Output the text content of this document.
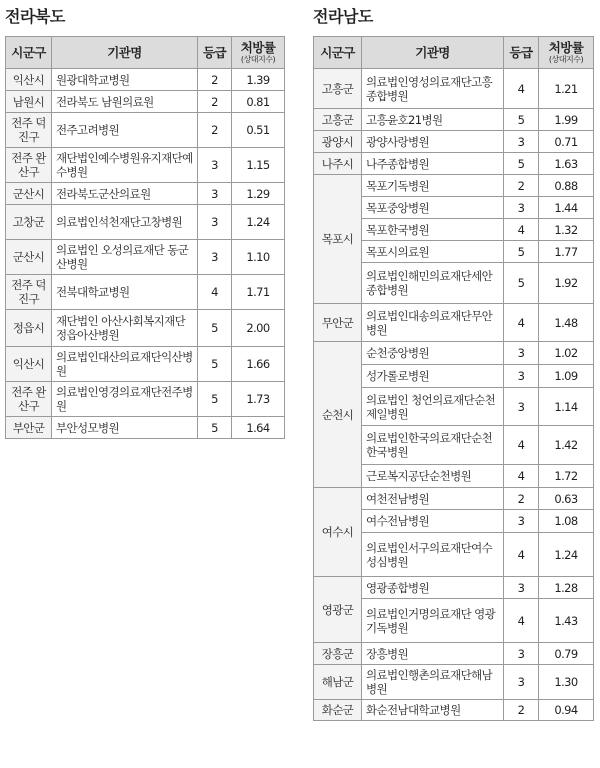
전라북도
시군구	기관명	등급	처방률
(상대지수)

익산시	원광대학교병원	2	1.39
남원시	전라북도 남원의료원	2	0.81
전주 덕진구	전주고려병원	2	0.51
전주 완산구	재단법인예수병원유지재단예수병원	3	1.15
군산시	전라북도군산의료원	3	1.29
고창군	의료법인석천재단고창병원	3	1.24
군산시	의료법인 오성의료재단 동군산병원	3	1.10
전주 덕진구	전북대학교병원	4	1.71
정읍시	재단법인 아산사회복지재단 정읍아산병원	5	2.00
익산시	의료법인대산의료재단익산병원	5	1.66
전주 완산구	의료법인영경의료재단전주병원	5	1.73
부안군	부안성모병원	5	1.64
전라남도
시군구	기관명	등급	처방률
(상대지수)

고흥군	의료법인영성의료재단고흥종합병원	4	1.21
고흥군	고흥윤호21병원	5	1.99
광양시	광양사랑병원	3	0.71
나주시	나주종합병원	5	1.63
목포시	목포기독병원	2	0.88
	목포중앙병원	3	1.44
	목포한국병원	4	1.32
	목포시의료원	5	1.77
	의료법인해민의료재단세안종합병원	5	1.92
무안군	의료법인대송의료재단무안병원	4	1.48
순천시	순천중앙병원	3	1.02
	성가롤로병원	3	1.09
	의료법인 청언의료재단순천제일병원	3	1.14
	의료법인한국의료재단순천한국병원	4	1.42
	근로복지공단순천병원	4	1.72
여수시	여천전남병원	2	0.63
	여수전남병원	3	1.08
	의료법인서구의료재단여수성심병원	4	1.24
영광군	영광종합병원	3	1.28
	의료법인거명의료재단 영광기독병원	4	1.43
장흥군	장흥병원	3	0.79
해남군	의료법인행촌의료재단해남병원	3	1.30
화순군	화순전남대학교병원	2	0.94
